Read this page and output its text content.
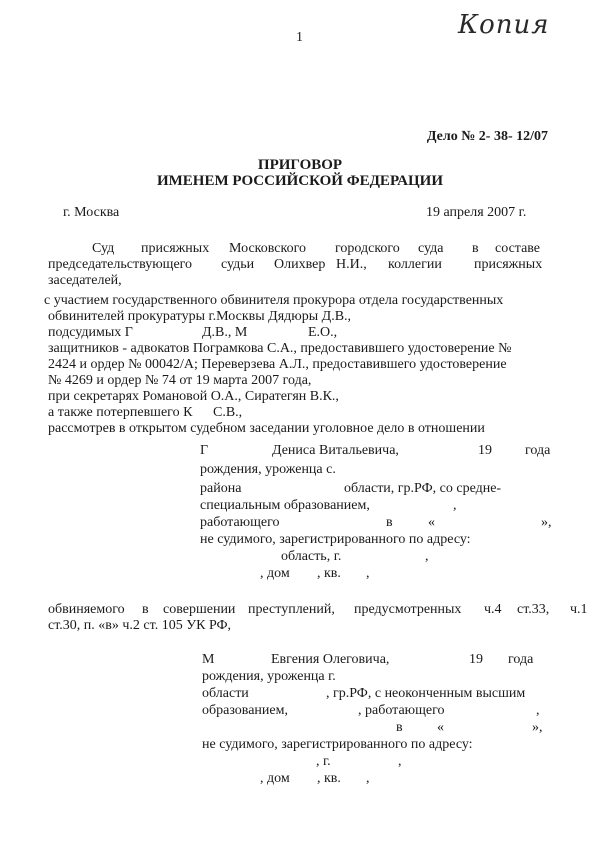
1	Копия
Дело № 2- 38- 12/07
ПРИГОВОР
ИМЕНЕМ РОССИЙСКОЙ ФЕДЕРАЦИИ
г. Москва	19 апреля 2007 г.
Суд присяжных Московского городского суда в составе
председательствующего судьи Олихвер Н.И., коллегии присяжных
заседателей,
с участием государственного обвинителя прокурора отдела государственных
обвинителей прокуратуры г.Москвы Дядюры Д.В.,
подсудимых Г	Д.В., М	Е.О.,
защитников - адвокатов Пограмкова С.А., предоставившего удостоверение №
2424 и ордер № 00042/А; Переверзева А.Л., предоставившего удостоверение
№ 4269 и ордер № 74 от 19 марта 2007 года,
при секретарях Романовой О.А., Сиратегян В.К.,
а также потерпевшего К С.В.,
рассмотрев в открытом судебном заседании уголовное дело в отношении
Г	Дениса Витальевича,	19 года
рождения, уроженца с.
района	области, гр.РФ, со средне-
специальным образованием,	,
работающего	в	«	»,
не судимого, зарегистрированного по адресу:
область, г.	,
, дом , кв. ,
обвиняемого в совершении преступлений, предусмотренных ч.4 ст.33, ч.1
ст.30, п. «в» ч.2 ст. 105 УК РФ,
М	Евгения Олеговича,	19 года
рождения, уроженца г.
области	, гр.РФ, с неоконченным высшим
образованием,	, работающего	,
в «	»,
не судимого, зарегистрированного по адресу:
, г.	,
, дом , кв. ,
